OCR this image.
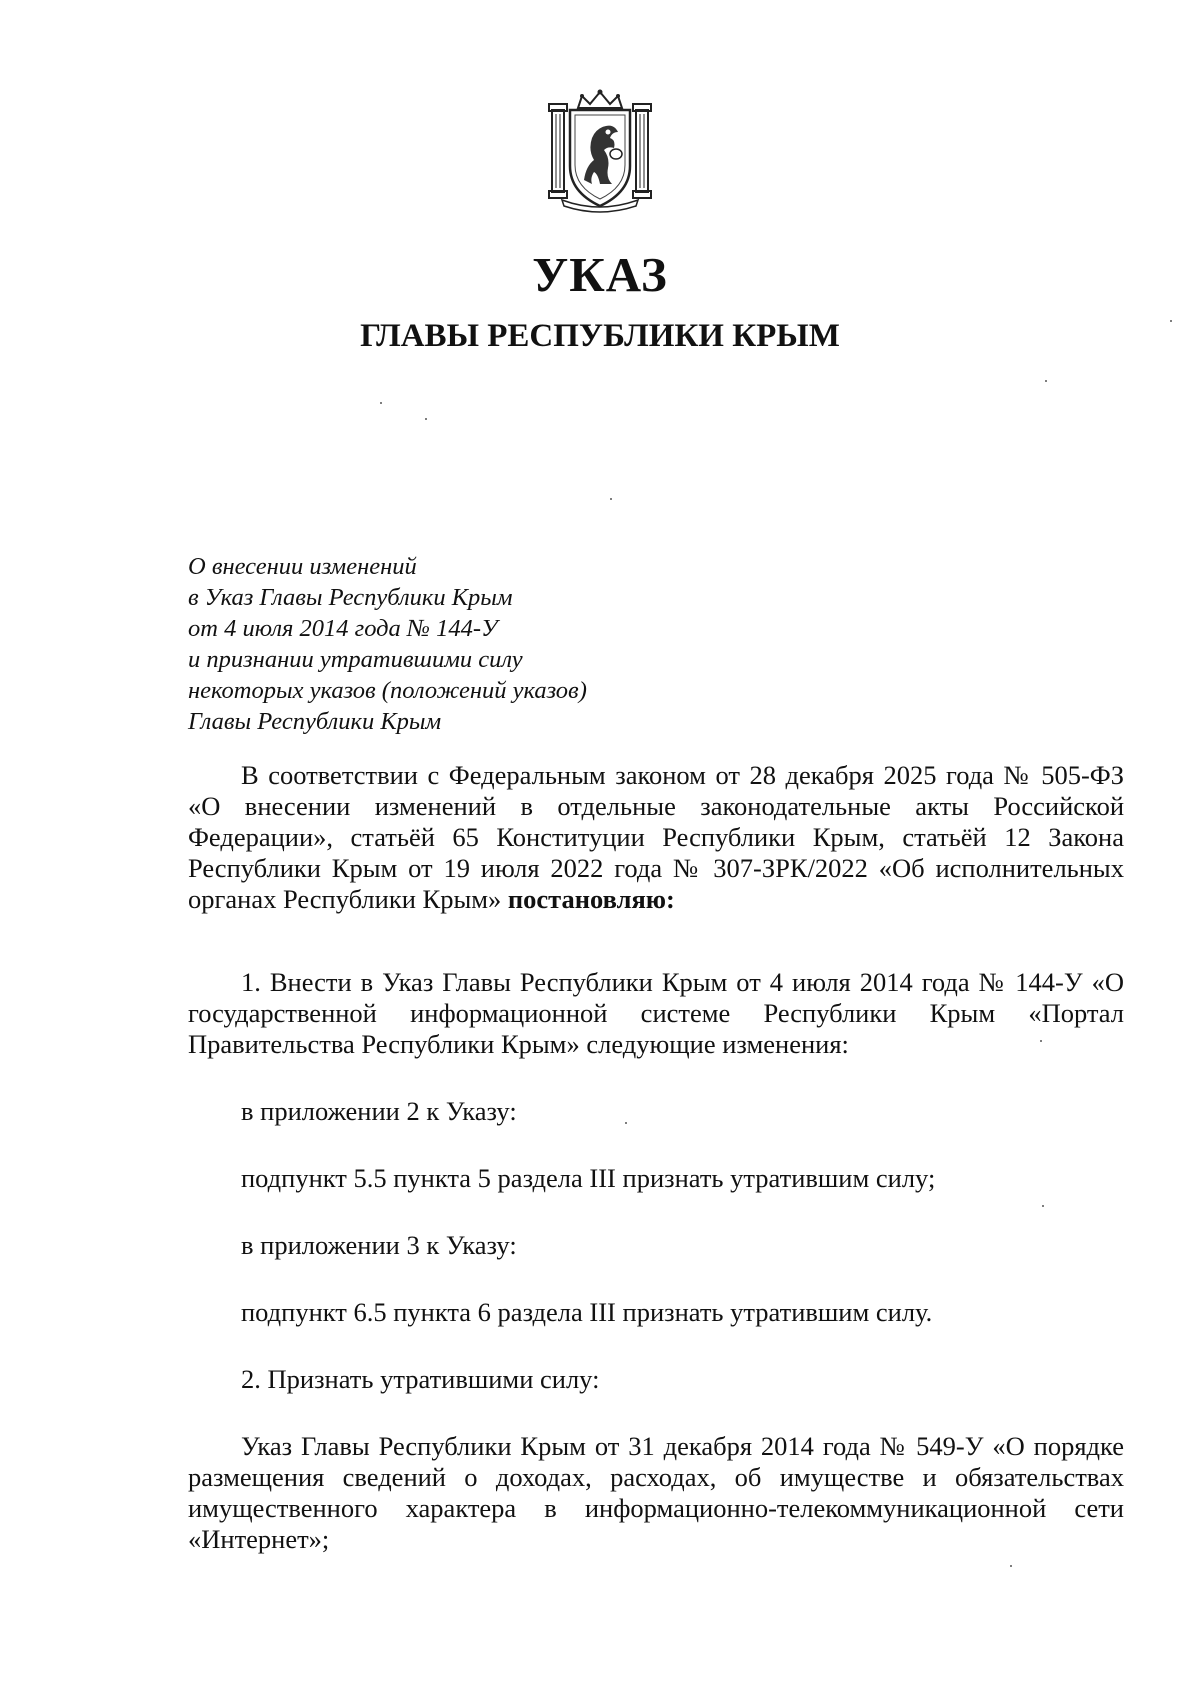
УКАЗ
ГЛАВЫ РЕСПУБЛИКИ КРЫМ
О внесении изменений
в Указ Главы Республики Крым
от 4 июля 2014 года № 144-У
и признании утратившими силу
некоторых указов (положений указов)
Главы Республики Крым

В соответствии с Федеральным законом от 28 декабря 2025 года № 505-ФЗ «О внесении изменений в отдельные законодательные акты Российской Федерации», статьёй 65 Конституции Республики Крым, статьёй 12 Закона Республики Крым от 19 июля 2022 года № 307-ЗРК/2022 «Об исполнительных органах Республики Крым» постановляю:

1. Внести в Указ Главы Республики Крым от 4 июля 2014 года № 144-У «О государственной информационной системе Республики Крым «Портал Правительства Республики Крым» следующие изменения:

в приложении 2 к Указу:

подпункт 5.5 пункта 5 раздела III признать утратившим силу;

в приложении 3 к Указу:

подпункт 6.5 пункта 6 раздела III признать утратившим силу.

2. Признать утратившими силу:

Указ Главы Республики Крым от 31 декабря 2014 года № 549-У «О порядке размещения сведений о доходах, расходах, об имуществе и обязательствах имущественного характера в информационно-телекоммуникационной сети «Интернет»;
